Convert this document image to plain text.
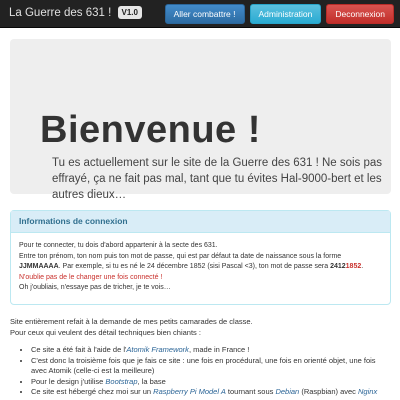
La Guerre des 631 ! V1.0	Aller combattre !	Administration	Deconnexion
Bienvenue !

Tu es actuellement sur le site de la Guerre des 631 ! Ne sois pas effrayé, ça ne fait pas mal, tant que tu évites Hal-9000-bert et les autres dieux…

Informations de connexion
Pour te connecter, tu dois d'abord appartenir à la secte des 631.
Entre ton prénom, ton nom puis ton mot de passe, qui est par défaut ta date de naissance sous la forme
JJMMAAAA. Par exemple, si tu es né le 24 décembre 1852 (sisi Pascal <3), ton mot de passe sera 24121852.
N'oublie pas de le changer une fois connecté !
Oh j'oubliais, n'essaye pas de tricher, je te vois…
Site entièrement refait à la demande de mes petits camarades de classe.
Pour ceux qui veulent des détail techniques bien chiants :
• Ce site a été fait à l'aide de l'Atomik Framework, made in France !
• C'est donc la troisième fois que je fais ce site : une fois en procédural, une fois en orienté objet, une fois
avec Atomik (celle-ci est la meilleure)
• Pour le design j'utilise Bootstrap, la base
• Ce site est hébergé chez moi sur un Raspberry Pi Model A tournant sous Debian (Raspbian) avec Nginx
